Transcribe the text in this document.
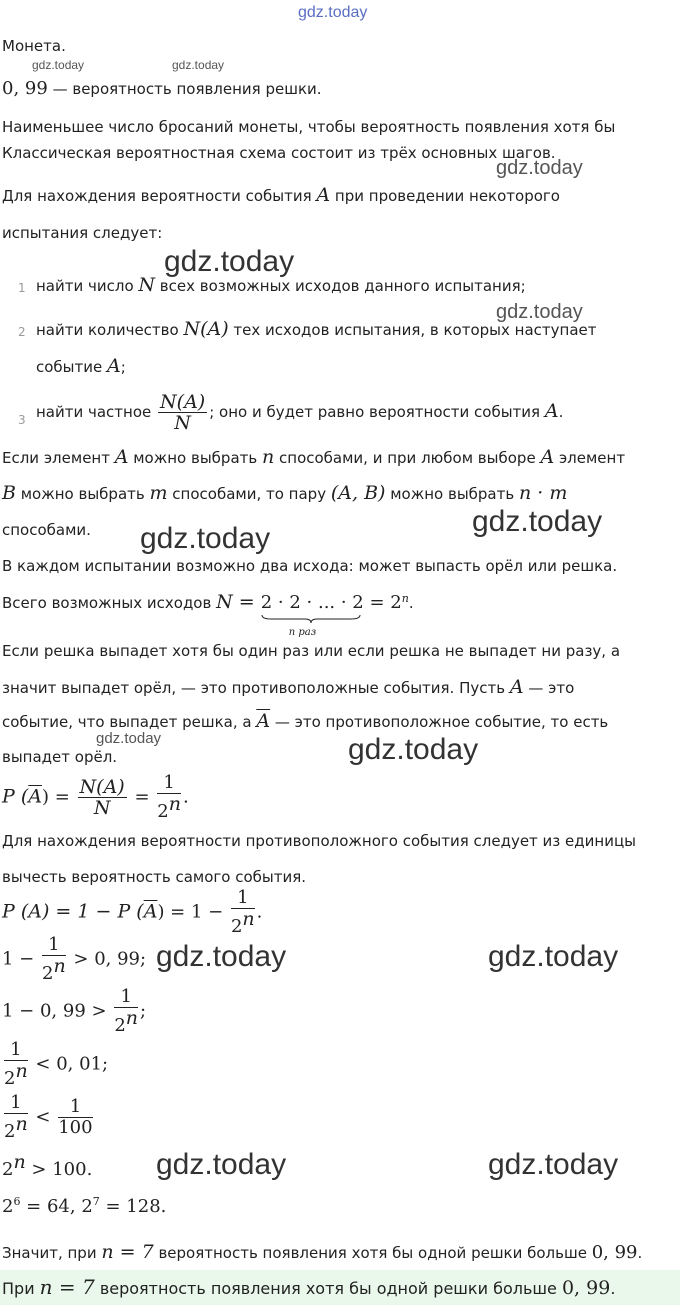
gdz.today
gdz.today	gdz.today
gdz.today
gdz.today
gdz.today
gdz.today
gdz.today
gdz.today	gdz.today
gdz.today	gdz.today
gdz.today	gdz.today
Монета.
0, 99 — вероятность появления решки.
Наименьшее число бросаний монеты, чтобы вероятность появления хотя бы
Классическая вероятностная схема состоит из трёх основных шагов.
Для нахождения вероятности события A при проведении некоторого
испытания следует:
1 найти число N всех возможных исходов данного испытания;
2 найти количество N(A) тех исходов испытания, в которых наступает
событие A;
3 найти частное $\frac{N(A)}{N}$ ; оно и будет равно вероятности события A.
Если элемент A можно выбрать n способами, и при любом выборе A элемент
B можно выбрать m способами, то пару (A, B) можно выбрать n · m
способами.
В каждом испытании возможно два исхода: может выпасть орёл или решка.
Всего возможных исходов N = 2 · 2 · ... · 2
n раз
= $2^n$.
Если решка выпадет хотя бы один раз или если решка не выпадет ни разу, а
значит выпадет орёл, — это противоположные события. Пусть A — это
событие, что выпадет решка, а $\overline{A}$ — это противоположное событие, то есть
выпадет орёл.
P $(\overline{A}) = \frac{N(A)}{N} = \frac{1}{2^n}$ .
Для нахождения вероятности противоположного события следует из единицы
вычесть вероятность самого события.
P (A) = 1 − P $(\overline{A}) = 1 - \frac{1}{2^n}$ .
$1 - \frac{1}{2^n} > 0$, 99;
1 − 0, $99 > \frac{1}{2^n}$ ;
$\frac{1}{2^n} < 0$, 01;
$\frac{1}{2^n} < \frac{1}{100}$
$2^n > 100$.
$2^6 = 64$, $2^7 = 128$.
Значит, при n = 7 вероятность появления хотя бы одной решки больше 0, 99.
При n = 7 вероятность появления хотя бы одной решки больше 0, 99.
